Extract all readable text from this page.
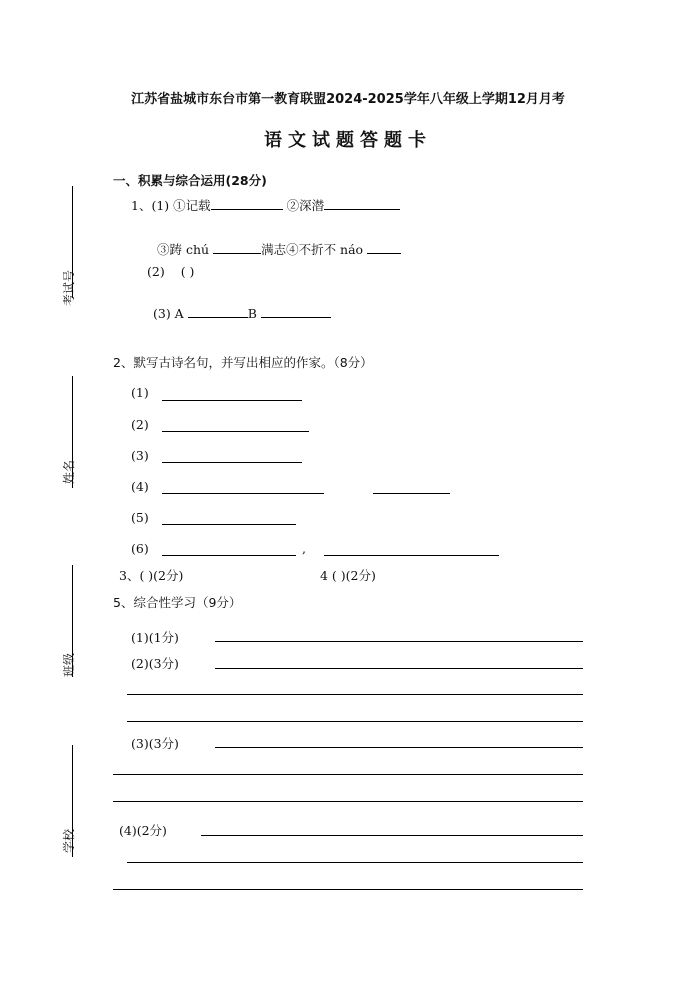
江苏省盐城市东台市第一教育联盟2024-2025学年八年级上学期12月月考
语文试题答题卡
考试号
姓名
班级
学校
一、积累与综合运用(28分)
1、(1) ①记载	②深潜
③踌 chú	满志④不折不 náo
(2) ( )
(3) A	B
2、默写古诗名句，并写出相应的作家。（8分）
(1)
(2)
(3)
(4)
(5)
(6)	,
3、( )(2分)	4 ( )(2分)
5、综合性学习（9分）
(1)(1分)
(2)(3分)
(3)(3分)
(4)(2分)
